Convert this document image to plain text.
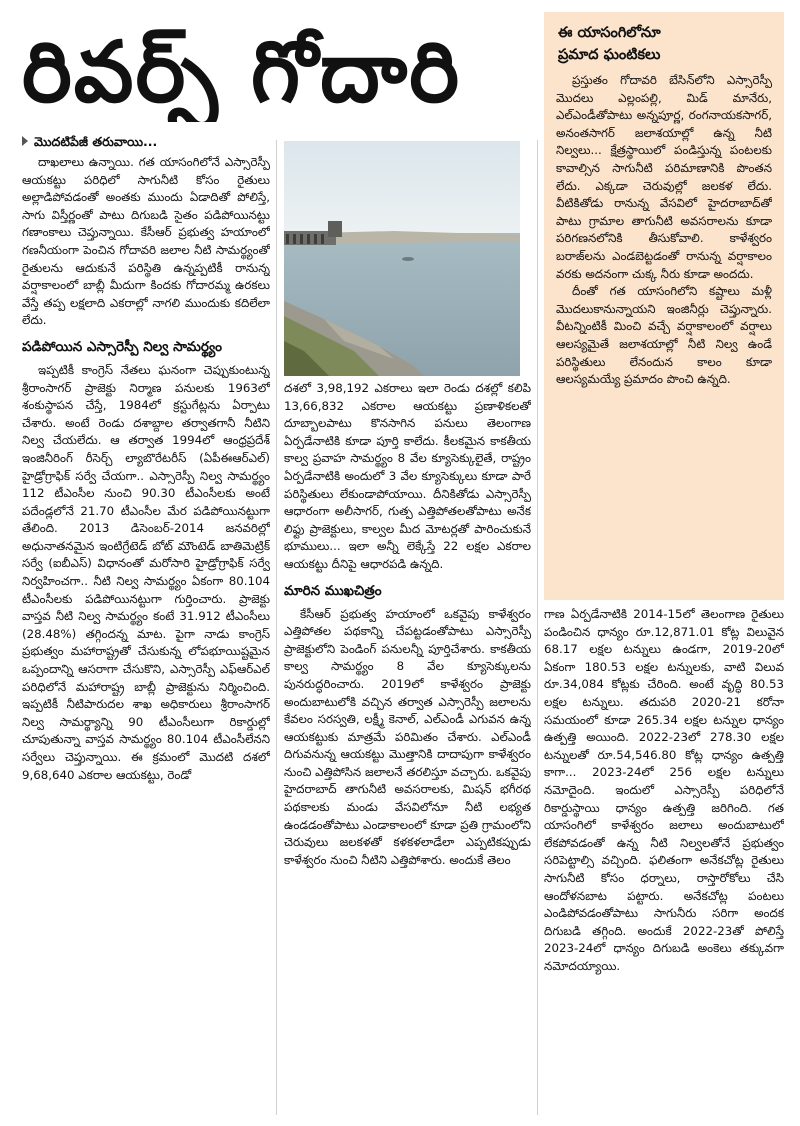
రివర్స్ గోదారి
మొదటిపేజీ తరువాయి...

దాఖలాలు ఉన్నాయి. గత యాసంగిలోనే ఎస్సారెస్పీ ఆయకట్టు పరిధిలో సాగునీటి కోసం రైతులు అల్లాడిపోవడంతో అంతకు ముందు ఏడాదితో పోలిస్తే, సాగు విస్తీర్ణంతో పాటు దిగుబడి సైతం పడిపోయినట్టు గణాంకాలు చెప్తున్నాయి. కేసీఆర్ ప్రభుత్వ హయాంలో గణనీయంగా పెంచిన గోదావరి జలాల నీటి సామర్థ్యంతో రైతులను ఆదుకునే పరిస్థితి ఉన్నప్పటికీ రానున్న వర్షాకాలంలో బాబ్లీ మీదుగా కిందకు గోదారమ్మ ఉరకలు వేస్తే తప్ప లక్షలాది ఎకరాల్లో నాగలి ముందుకు కదిలేలా లేదు.

పడిపోయిన ఎస్సారెస్పీ నిల్వ సామర్థ్యం

ఇప్పటికీ కాంగ్రెస్ నేతలు ఘనంగా చెప్పుకుంటున్న శ్రీరాంసాగర్ ప్రాజెక్టు నిర్మాణ పనులకు 1963లో శంకుస్థాపన చేస్తే, 1984లో క్రస్టుగేట్లను ఏర్పాటు చేశారు. అంటే రెండు దశాబ్దాల తర్వాతగానీ నీటిని నిల్వ చేయలేదు. ఆ తర్వాత 1994లో ఆంధ్రప్రదేశ్ ఇంజినీరింగ్ రీసెర్చ్ ల్యాబొరేటరీస్ (ఏపీఈఆర్ఎల్) హైడ్రోగ్రాఫిక్ సర్వే చేయగా.. ఎస్సారెస్పీ నిల్వ సామర్థ్యం 112 టీఎంసీల నుంచి 90.30 టీఎంసీలకు అంటే పదేండ్లలోనే 21.70 టీఎంసీల మేర పడిపోయినట్టుగా తేలింది. 2013 డిసెంబర్-2014 జనవరిల్లో అధునాతనమైన ఇంటిగ్రేటెడ్ బోట్ మౌంటెడ్ బాతిమెట్రిక్ సర్వే (ఐబీఎస్) విధానంతో మరోసారి హైడ్రోగ్రాఫిక్ సర్వే నిర్వహించగా.. నీటి నిల్వ సామర్థ్యం ఏకంగా 80.104 టీఎంసీలకు పడిపోయినట్టుగా గుర్తించారు. ప్రాజెక్టు వాస్తవ నీటి నిల్వ సామర్థ్యం కంటే 31.912 టీఎంసీలు (28.48%) తగ్గిందన్న మాట. పైగా నాడు కాంగ్రెస్ ప్రభుత్వం మహారాష్ట్రతో చేసుకున్న లోపభూయిష్టమైన ఒప్పందాన్ని ఆసరాగా చేసుకొని, ఎస్సారెస్పీ ఎఫ్ఆర్ఎల్ పరిధిలోనే మహారాష్ట్ర బాబ్లీ ప్రాజెక్టును నిర్మించింది. ఇప్పటికీ నీటిపారుదల శాఖ అధికారులు శ్రీరాంసాగర్ నిల్వ సామర్థ్యాన్ని 90 టీఎంసీలుగా రికార్డుల్లో చూపుతున్నా వాస్తవ సామర్థ్యం 80.104 టీఎంసీలేనని సర్వేలు చెప్తున్నాయి. ఈ క్రమంలో మొదటి దశలో 9,68,640 ఎకరాల ఆయకట్టు, రెండో

దశలో 3,98,192 ఎకరాలు ఇలా రెండు దశల్లో కలిపి 13,66,832 ఎకరాల ఆయకట్టు ప్రణాళికలతో దూబ్బాలపాటు కొనసాగిన పనులు తెలంగాణ ఏర్పడేనాటికి కూడా పూర్తి కాలేదు. కీలకమైన కాకతీయ కాల్వ ప్రవాహ సామర్థ్యం 8 వేల క్యూసెక్కులైతే, రాష్ట్రం ఏర్పడేనాటికి అందులో 3 వేల క్యూసెక్కులు కూడా పారే పరిస్థితులు లేకుండాపోయాయి. దీనికితోడు ఎస్సారెస్పీ ఆధారంగా అలీసాగర్, గుత్ప ఎత్తిపోతలతోపాటు అనేక లిఫ్టు ప్రాజెక్టులు, కాల్వల మీద మోటర్లతో పారించుకునే భూములు... ఇలా అన్నీ లెక్కేస్తే 22 లక్షల ఎకరాల ఆయకట్టు దీనిపై ఆధారపడి ఉన్నది.

మారిన ముఖచిత్రం

కేసీఆర్ ప్రభుత్వ హయాంలో ఒకవైపు కాళేశ్వరం ఎత్తిపోతల పథకాన్ని చేపట్టడంతోపాటు ఎస్సారెస్పీ ప్రాజెక్టులోని పెండింగ్ పనులన్నీ పూర్తిచేశారు. కాకతీయ కాల్వ సామర్థ్యం 8 వేల క్యూసెక్కులను పునరుద్ధరించారు. 2019లో కాళేశ్వరం ప్రాజెక్టు అందుబాటులోకి వచ్చిన తర్వాత ఎస్సారెస్పీ జలాలను కేవలం సరస్వతి, లక్ష్మీ కెనాల్, ఎల్ఎండీ ఎగువన ఉన్న ఆయకట్టుకు మాత్రమే పరిమితం చేశారు. ఎల్ఎండీ దిగువనున్న ఆయకట్టు మొత్తానికి దాదాపుగా కాళేశ్వరం నుంచి ఎత్తిపోసిన జలాలనే తరలిస్తూ వచ్చారు. ఒకవైపు హైదరాబాద్ తాగునీటి అవసరాలకు, మిషన్ భగీరథ పథకాలకు మండు వేసవిలోనూ నీటి లభ్యత ఉండడంతోపాటు ఎండాకాలంలో కూడా ప్రతి గ్రామంలోని చెరువులు జలకళతో కళకళలాడేలా ఎప్పటికప్పుడు కాళేశ్వరం నుంచి నీటిని ఎత్తిపోశారు. అందుకే తెలం

ఈ యాసంగిలోనూ
ప్రమాద ఘంటికలు

ప్రస్తుతం గోదావరి బేసిన్‌లోని ఎస్సారెస్పీ మొదలు ఎల్లంపల్లి, మిడ్ మానేరు, ఎల్ఎండీతోపాటు అన్నపూర్ణ, రంగనాయకసాగర్, అనంతసాగర్ జలాశయాల్లో ఉన్న నీటి నిల్వలు... క్షేత్రస్థాయిలో పండిస్తున్న పంటలకు కావాల్సిన సాగునీటి పరిమాణానికి పొంతన లేదు. ఎక్కడా చెరువుల్లో జలకళ లేదు. వీటికితోడు రానున్న వేసవిలో హైదరాబాద్‌తో పాటు గ్రామాల తాగునీటి అవసరాలను కూడా పరిగణనలోనికి తీసుకోవాలి. కాళేశ్వరం బరాజ్‌లను ఎండబెట్టడంతో రానున్న వర్షాకాలం వరకు అదనంగా చుక్క నీరు కూడా అందదు.

దీంతో గత యాసంగిలోని కష్టాలు మళ్లీ మొదలుకానున్నాయని ఇంజినీర్లు చెప్తున్నారు. వీటన్నింటికీ మించి వచ్చే వర్షాకాలంలో వర్షాలు ఆలస్యమైతే జలాశయాల్లో నీటి నిల్వ ఉండే పరిస్థితులు లేనందున కాలం కూడా ఆలస్యమయ్యే ప్రమాదం పొంచి ఉన్నది.

గాణ ఏర్పడేనాటికి 2014-15లో తెలంగాణ రైతులు పండించిన ధాన్యం రూ.12,871.01 కోట్ల విలువైన 68.17 లక్షల టన్నులు ఉండగా, 2019-20లో ఏకంగా 180.53 లక్షల టన్నులకు, వాటి విలువ రూ.34,084 కోట్లకు చేరింది. అంటే వృద్ధి 80.53 లక్షల టన్నులు. తదుపరి 2020-21 కరోనా సమయంలో కూడా 265.34 లక్షల టన్నుల ధాన్యం ఉత్పత్తి అయింది. 2022-23లో 278.30 లక్షల టన్నులతో రూ.54,546.80 కోట్ల ధాన్యం ఉత్పత్తి కాగా... 2023-24లో 256 లక్షల టన్నులు నమోదైంది. ఇందులో ఎస్సారెస్పీ పరిధిలోనే రికార్డుస్థాయి ధాన్యం ఉత్పత్తి జరిగింది. గత యాసంగిలో కాళేశ్వరం జలాలు అందుబాటులో లేకపోవడంతో ఉన్న నీటి నిల్వలతోనే ప్రభుత్వం సరిపెట్టాల్సి వచ్చింది. ఫలితంగా అనేకచోట్ల రైతులు సాగునీటి కోసం ధర్నాలు, రాస్తారోకోలు చేసి ఆందోళనబాట పట్టారు. అనేకచోట్ల పంటలు ఎండిపోవడంతోపాటు సాగునీరు సరిగా అందక దిగుబడి తగ్గింది. అందుకే 2022-23తో పోలిస్తే 2023-24లో ధాన్యం దిగుబడి అంకెలు తక్కువగా నమోదయ్యాయి.
